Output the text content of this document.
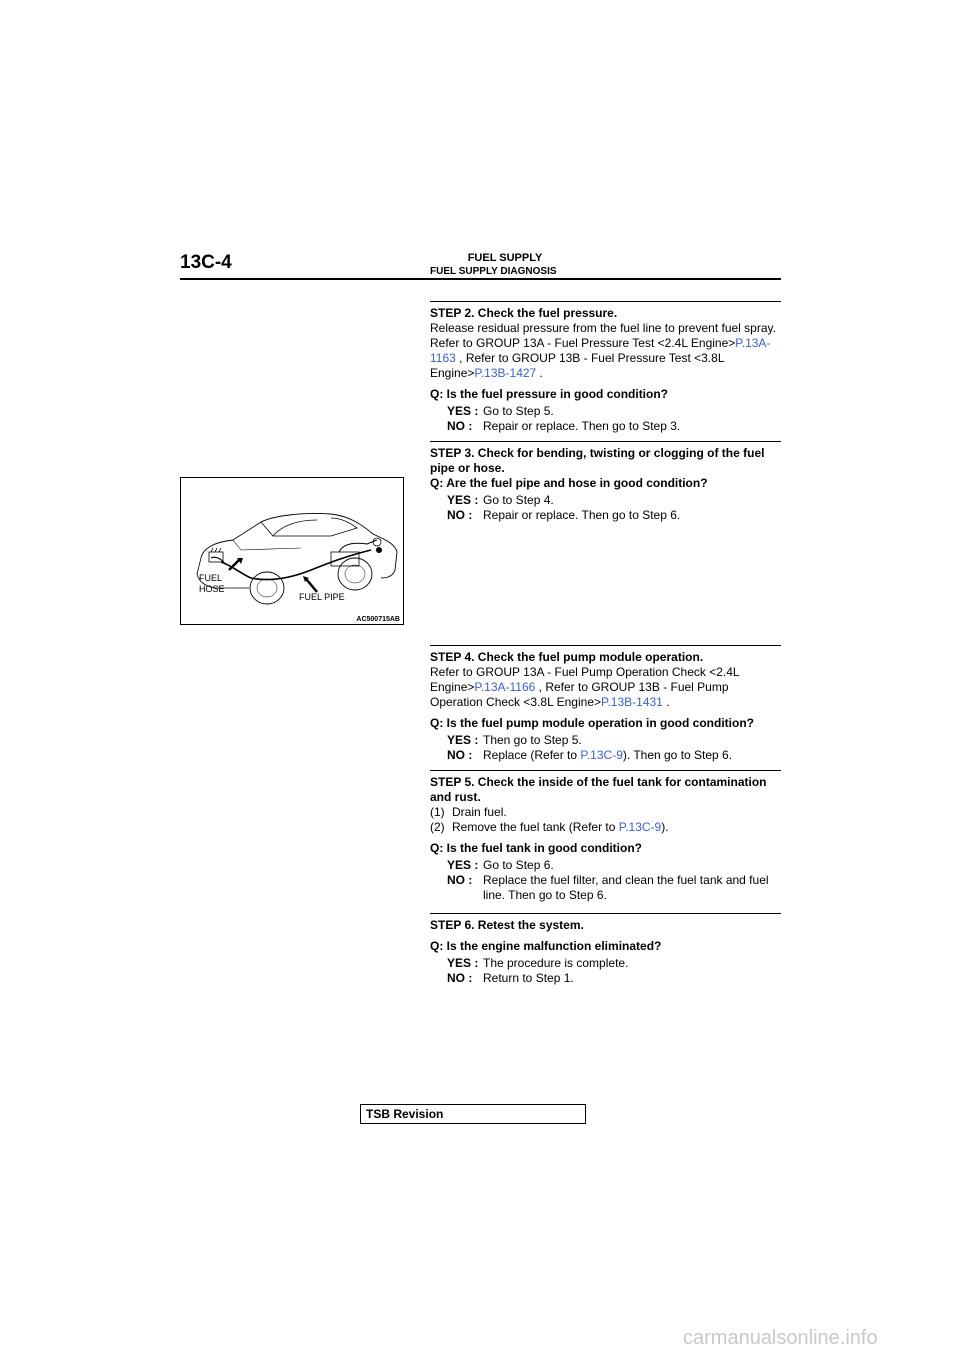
13C-4	FUEL SUPPLY
FUEL SUPPLY DIAGNOSIS
FUEL
HOSE
FUEL PIPE
AC500715AB
STEP 2. Check the fuel pressure.
Release residual pressure from the fuel line to prevent fuel spray. Refer to GROUP 13A - Fuel Pressure Test <2.4L Engine>P.13A-1163 , Refer to GROUP 13B - Fuel Pressure Test <3.8L Engine>P.13B-1427 .
Q: Is the fuel pressure in good condition?
YES : Go to Step 5.
NO : Repair or replace. Then go to Step 3.
STEP 3. Check for bending, twisting or clogging of the fuel pipe or hose.
Q: Are the fuel pipe and hose in good condition?
YES : Go to Step 4.
NO : Repair or replace. Then go to Step 6.
STEP 4. Check the fuel pump module operation.
Refer to GROUP 13A - Fuel Pump Operation Check <2.4L Engine>P.13A-1166 , Refer to GROUP 13B - Fuel Pump Operation Check <3.8L Engine>P.13B-1431 .
Q: Is the fuel pump module operation in good condition?
YES : Then go to Step 5.
NO : Replace (Refer to P.13C-9). Then go to Step 6.
STEP 5. Check the inside of the fuel tank for contamination and rust.
(1) Drain fuel.
(2) Remove the fuel tank (Refer to P.13C-9).
Q: Is the fuel tank in good condition?
YES : Go to Step 6.
NO : Replace the fuel filter, and clean the fuel tank and fuel line. Then go to Step 6.
STEP 6. Retest the system.
Q: Is the engine malfunction eliminated?
YES : The procedure is complete.
NO : Return to Step 1.
TSB Revision
carmanualsonline.info
